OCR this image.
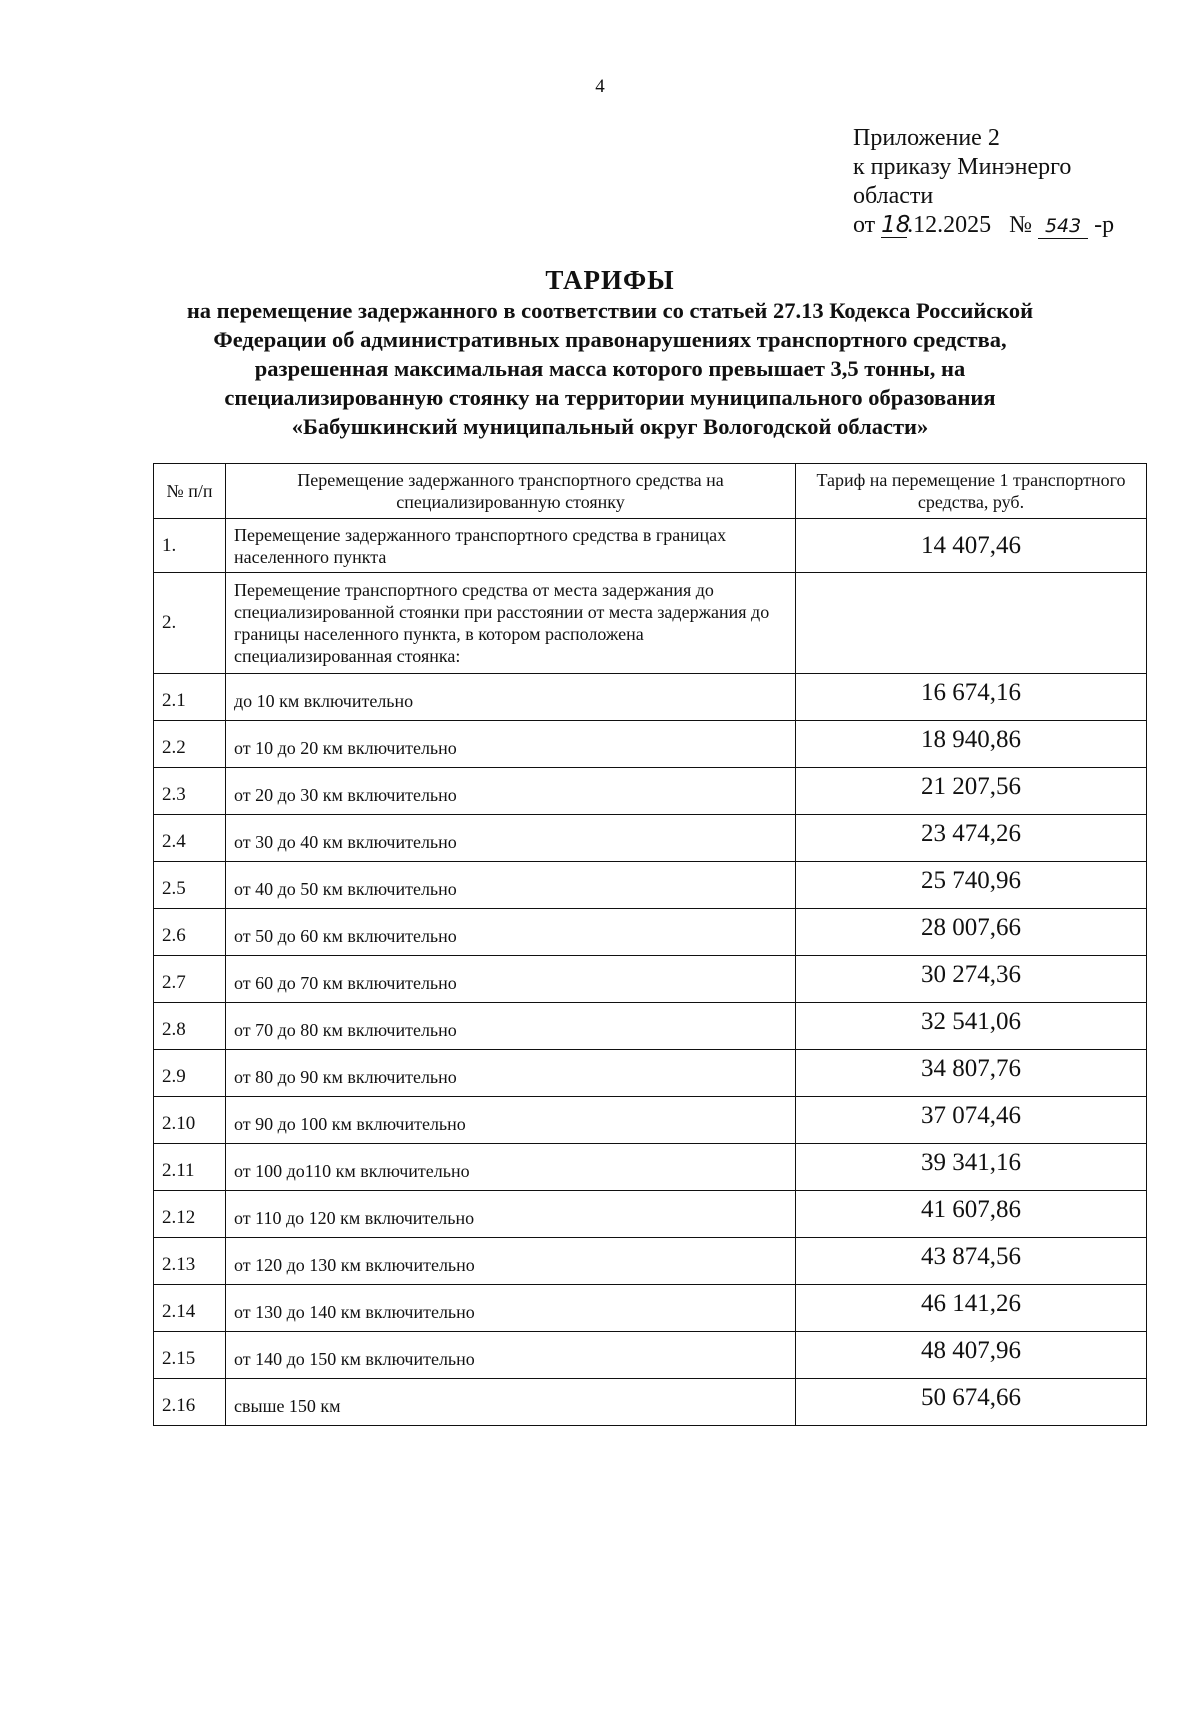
4
Приложение 2
к приказу Минэнерго
области
от 18.12.2025 № 543 -р
ТАРИФЫ
на перемещение задержанного в соответствии со статьей 27.13 Кодекса Российской
Федерации об административных правонарушениях транспортного средства,
разрешенная максимальная масса которого превышает 3,5 тонны, на
специализированную стоянку на территории муниципального образования
«Бабушкинский муниципальный округ Вологодской области»
№ п/п	Перемещение задержанного транспортного средства на специализированную стоянку	Тариф на перемещение 1 транспортного средства, руб.
1.	Перемещение задержанного транспортного средства в границах населенного пункта	14 407,46
2.	Перемещение транспортного средства от места задержания до специализированной стоянки при расстоянии от места задержания до границы населенного пункта, в котором расположена специализированная стоянка:	
2.1	до 10 км включительно	16 674,16
2.2	от 10 до 20 км включительно	18 940,86
2.3	от 20 до 30 км включительно	21 207,56
2.4	от 30 до 40 км включительно	23 474,26
2.5	от 40 до 50 км включительно	25 740,96
2.6	от 50 до 60 км включительно	28 007,66
2.7	от 60 до 70 км включительно	30 274,36
2.8	от 70 до 80 км включительно	32 541,06
2.9	от 80 до 90 км включительно	34 807,76
2.10	от 90 до 100 км включительно	37 074,46
2.11	от 100 до110 км включительно	39 341,16
2.12	от 110 до 120 км включительно	41 607,86
2.13	от 120 до 130 км включительно	43 874,56
2.14	от 130 до 140 км включительно	46 141,26
2.15	от 140 до 150 км включительно	48 407,96
2.16	свыше 150 км	50 674,66
